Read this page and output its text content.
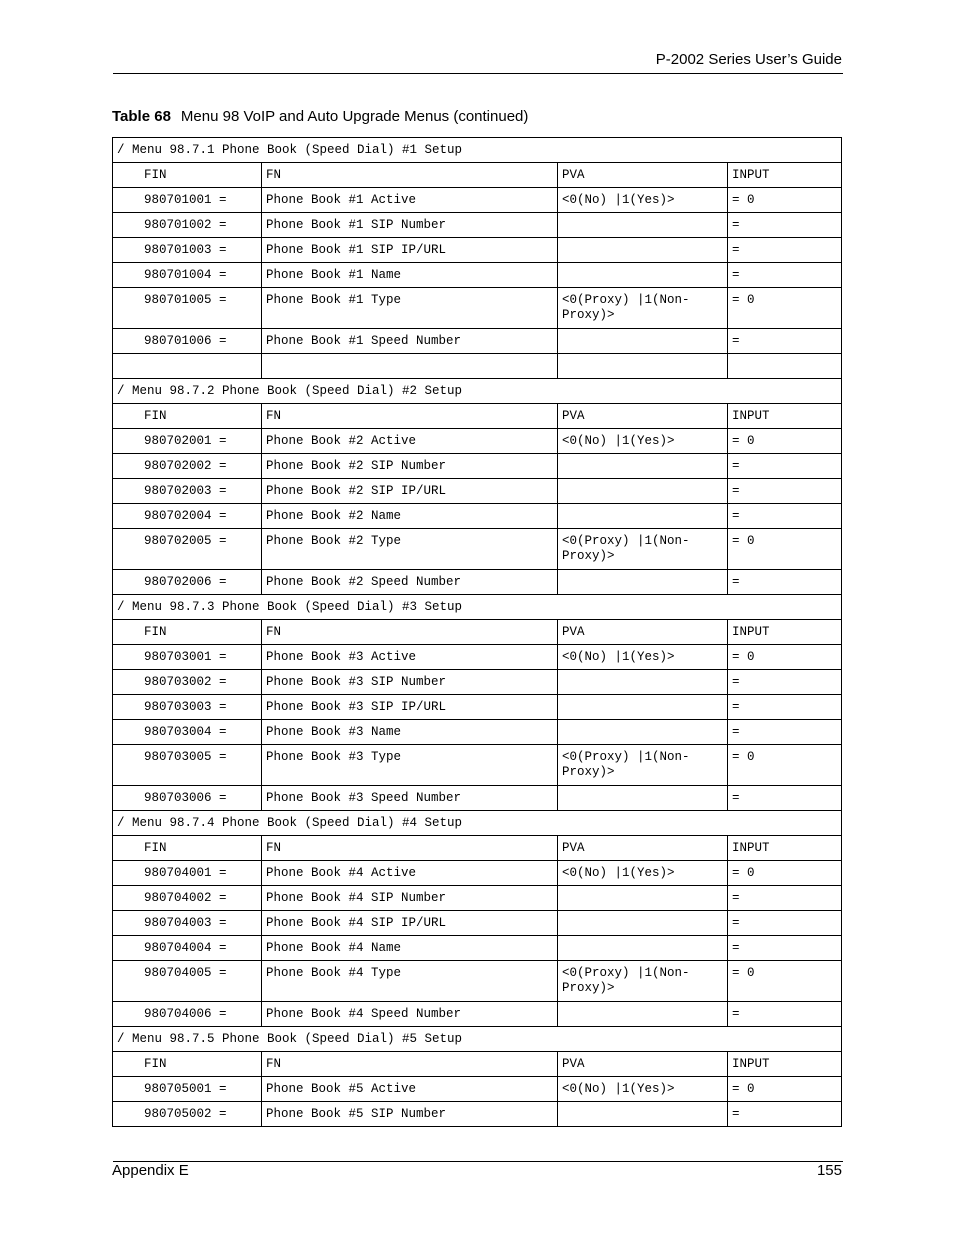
P-2002 Series User’s Guide
Table 68 Menu 98 VoIP and Auto Upgrade Menus (continued)
/ Menu 98.7.1 Phone Book (Speed Dial) #1 Setup			
FIN	FN	PVA	INPUT
980701001 =	Phone Book #1 Active	<0(No) |1(Yes)>	= 0
980701002 =	Phone Book #1 SIP Number		=
980701003 =	Phone Book #1 SIP IP/URL		=
980701004 =	Phone Book #1 Name		=
980701005 =	Phone Book #1 Type	<0(Proxy) |1(Non-Proxy)>	= 0
980701006 =	Phone Book #1 Speed Number		=

/ Menu 98.7.2 Phone Book (Speed Dial) #2 Setup			
FIN	FN	PVA	INPUT
980702001 =	Phone Book #2 Active	<0(No) |1(Yes)>	= 0
980702002 =	Phone Book #2 SIP Number		=
980702003 =	Phone Book #2 SIP IP/URL		=
980702004 =	Phone Book #2 Name		=
980702005 =	Phone Book #2 Type	<0(Proxy) |1(Non-Proxy)>	= 0
980702006 =	Phone Book #2 Speed Number		=
/ Menu 98.7.3 Phone Book (Speed Dial) #3 Setup			
FIN	FN	PVA	INPUT
980703001 =	Phone Book #3 Active	<0(No) |1(Yes)>	= 0
980703002 =	Phone Book #3 SIP Number		=
980703003 =	Phone Book #3 SIP IP/URL		=
980703004 =	Phone Book #3 Name		=
980703005 =	Phone Book #3 Type	<0(Proxy) |1(Non-Proxy)>	= 0
980703006 =	Phone Book #3 Speed Number		=
/ Menu 98.7.4 Phone Book (Speed Dial) #4 Setup			
FIN	FN	PVA	INPUT
980704001 =	Phone Book #4 Active	<0(No) |1(Yes)>	= 0
980704002 =	Phone Book #4 SIP Number		=
980704003 =	Phone Book #4 SIP IP/URL		=
980704004 =	Phone Book #4 Name		=
980704005 =	Phone Book #4 Type	<0(Proxy) |1(Non-Proxy)>	= 0
980704006 =	Phone Book #4 Speed Number		=
/ Menu 98.7.5 Phone Book (Speed Dial) #5 Setup			
FIN	FN	PVA	INPUT
980705001 =	Phone Book #5 Active	<0(No) |1(Yes)>	= 0
980705002 =	Phone Book #5 SIP Number		=
Appendix E	155
